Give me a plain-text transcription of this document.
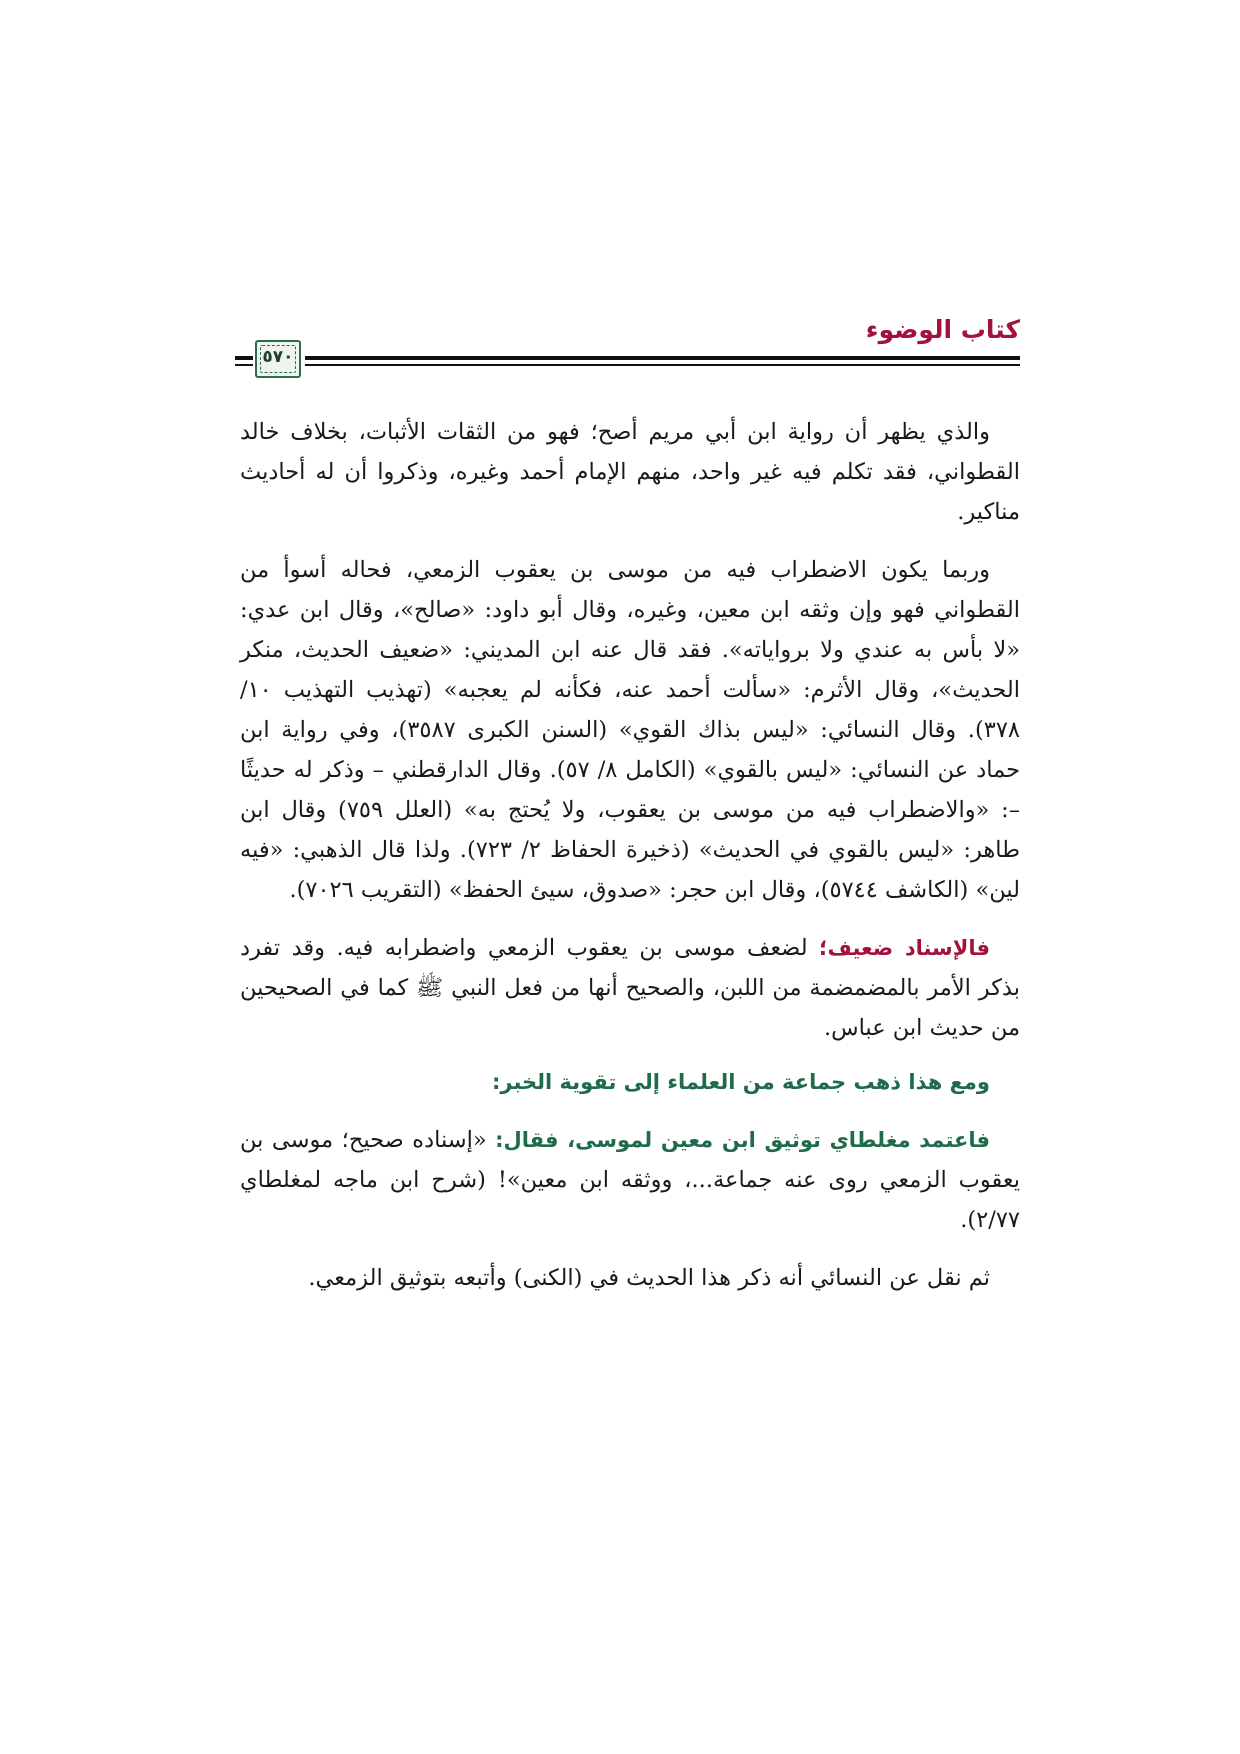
كتاب الوضوء
٥٧٠

والذي يظهر أن رواية ابن أبي مريم أصح؛ فهو من الثقات الأثبات، بخلاف خالد القطواني، فقد تكلم فيه غير واحد، منهم الإمام أحمد وغيره، وذكروا أن له أحاديث مناكير.

وربما يكون الاضطراب فيه من موسى بن يعقوب الزمعي، فحاله أسوأ من القطواني فهو وإن وثقه ابن معين، وغيره، وقال أبو داود: «صالح»، وقال ابن عدي: «لا بأس به عندي ولا برواياته». فقد قال عنه ابن المديني: «ضعيف الحديث، منكر الحديث»، وقال الأثرم: «سألت أحمد عنه، فكأنه لم يعجبه» (تهذيب التهذيب ١٠/ ٣٧٨). وقال النسائي: «ليس بذاك القوي» (السنن الكبرى ٣٥٨٧)، وفي رواية ابن حماد عن النسائي: «ليس بالقوي» (الكامل ٨/ ٥٧). وقال الدارقطني – وذكر له حديثًا –: «والاضطراب فيه من موسى بن يعقوب، ولا يُحتج به» (العلل ٧٥٩) وقال ابن طاهر: «ليس بالقوي في الحديث» (ذخيرة الحفاظ ٢/ ٧٢٣). ولذا قال الذهبي: «فيه لين» (الكاشف ٥٧٤٤)، وقال ابن حجر: «صدوق، سيئ الحفظ» (التقريب ٧٠٢٦).

فالإسناد ضعيف؛ لضعف موسى بن يعقوب الزمعي واضطرابه فيه. وقد تفرد بذكر الأمر بالمضمضمة من اللبن، والصحيح أنها من فعل النبي ﷺ كما في الصحيحين من حديث ابن عباس.

ومع هذا ذهب جماعة من العلماء إلى تقوية الخبر:

فاعتمد مغلطاي توثيق ابن معين لموسى، فقال: «إسناده صحيح؛ موسى بن يعقوب الزمعي روى عنه جماعة...، ووثقه ابن معين»! (شرح ابن ماجه لمغلطاي ٢/٧٧).

ثم نقل عن النسائي أنه ذكر هذا الحديث في (الكنى) وأتبعه بتوثيق الزمعي.
